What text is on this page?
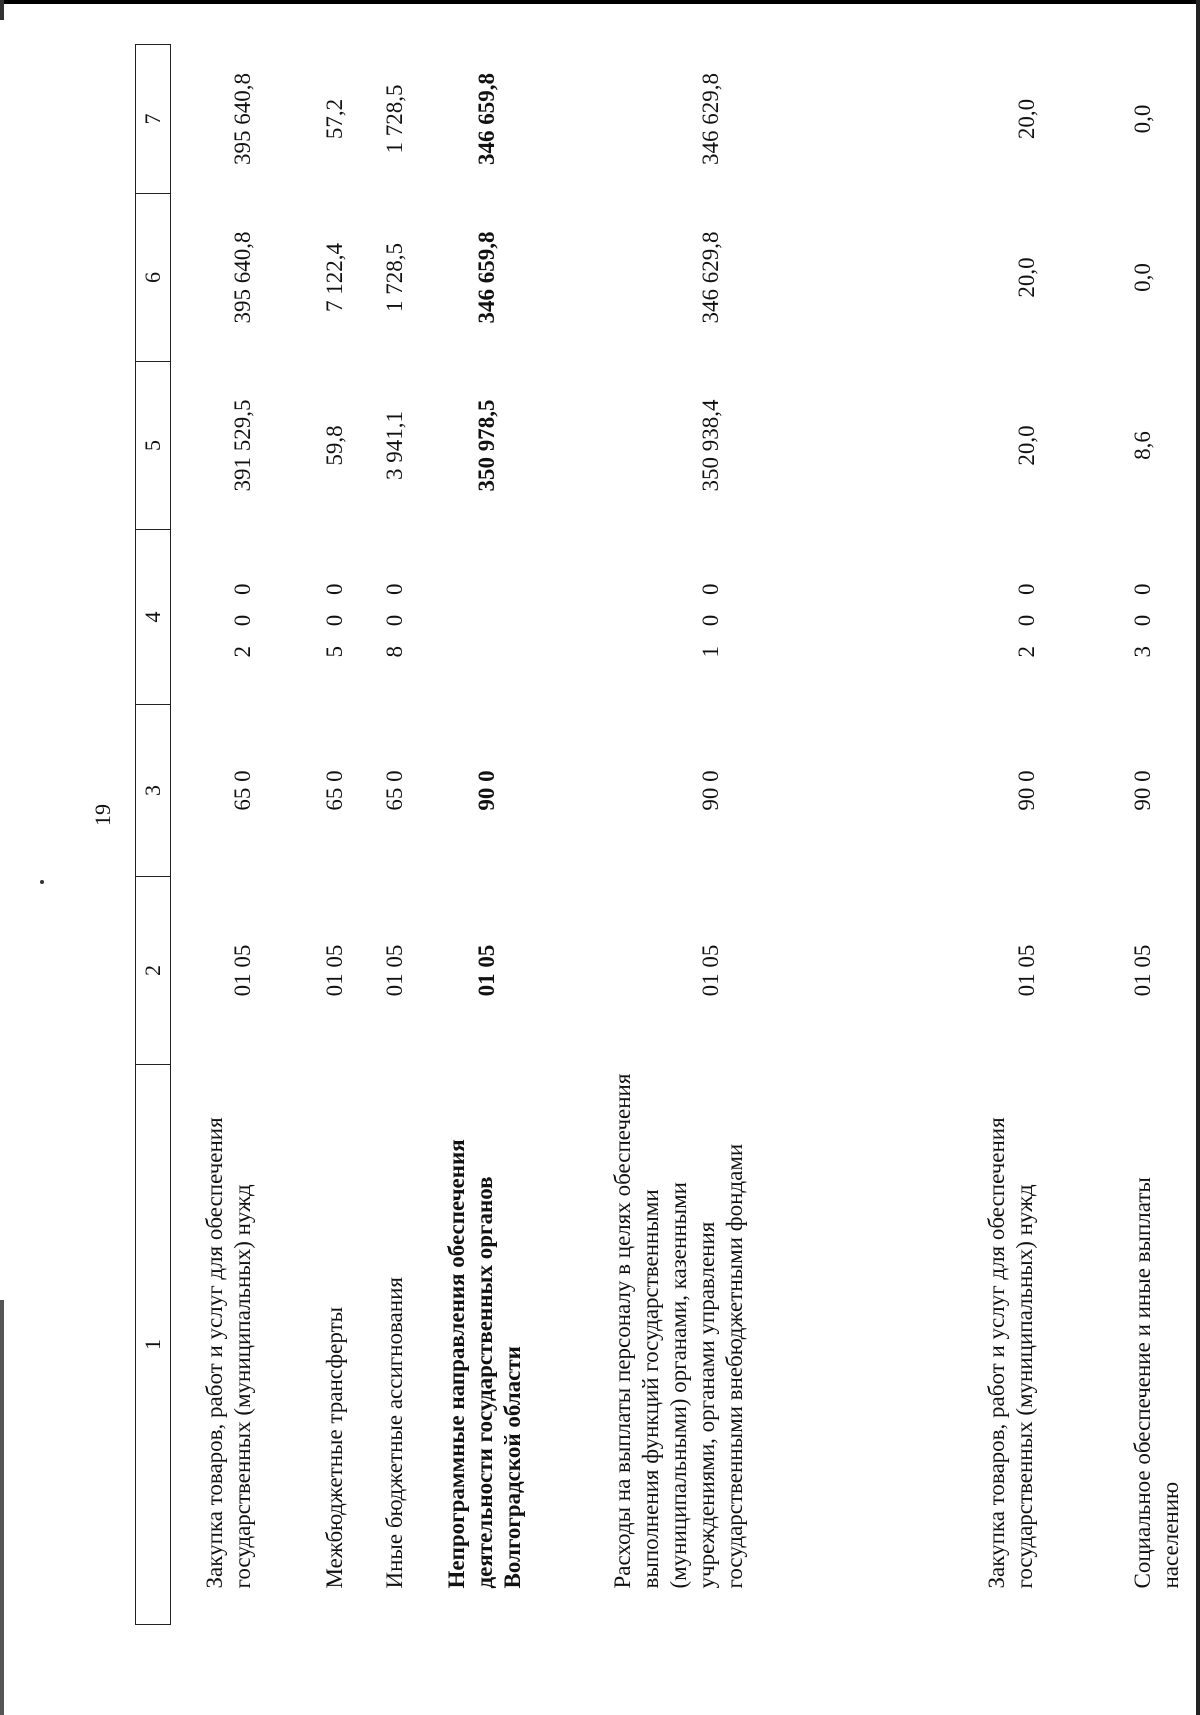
19
1	2	3	4	5	6	7
Закупка товаров, работ и услуг для обеспечения государственных (муниципальных) нужд	01 05	65 0	2 0 0	391 529,5	395 640,8	395 640,8
Межбюджетные трансферты	01 05	65 0	5 0 0	59,8	7 122,4	57,2
Иные бюджетные ассигнования	01 05	65 0	8 0 0	3 941,1	1 728,5	1 728,5
Непрограммные направления обеспечения деятельности государственных органов Волгоградской области	01 05	90 0		350 978,5	346 659,8	346 659,8
Расходы на выплаты персоналу в целях обеспечения выполнения функций государственными (муниципальными) органами, казенными учреждениями, органами управления государственными внебюджетными фондами	01 05	90 0	1 0 0	350 938,4	346 629,8	346 629,8
Закупка товаров, работ и услуг для обеспечения государственных (муниципальных) нужд	01 05	90 0	2 0 0	20,0	20,0	20,0
Социальное обеспечение и иные выплаты населению	01 05	90 0	3 0 0	8,6	0,0	0,0
